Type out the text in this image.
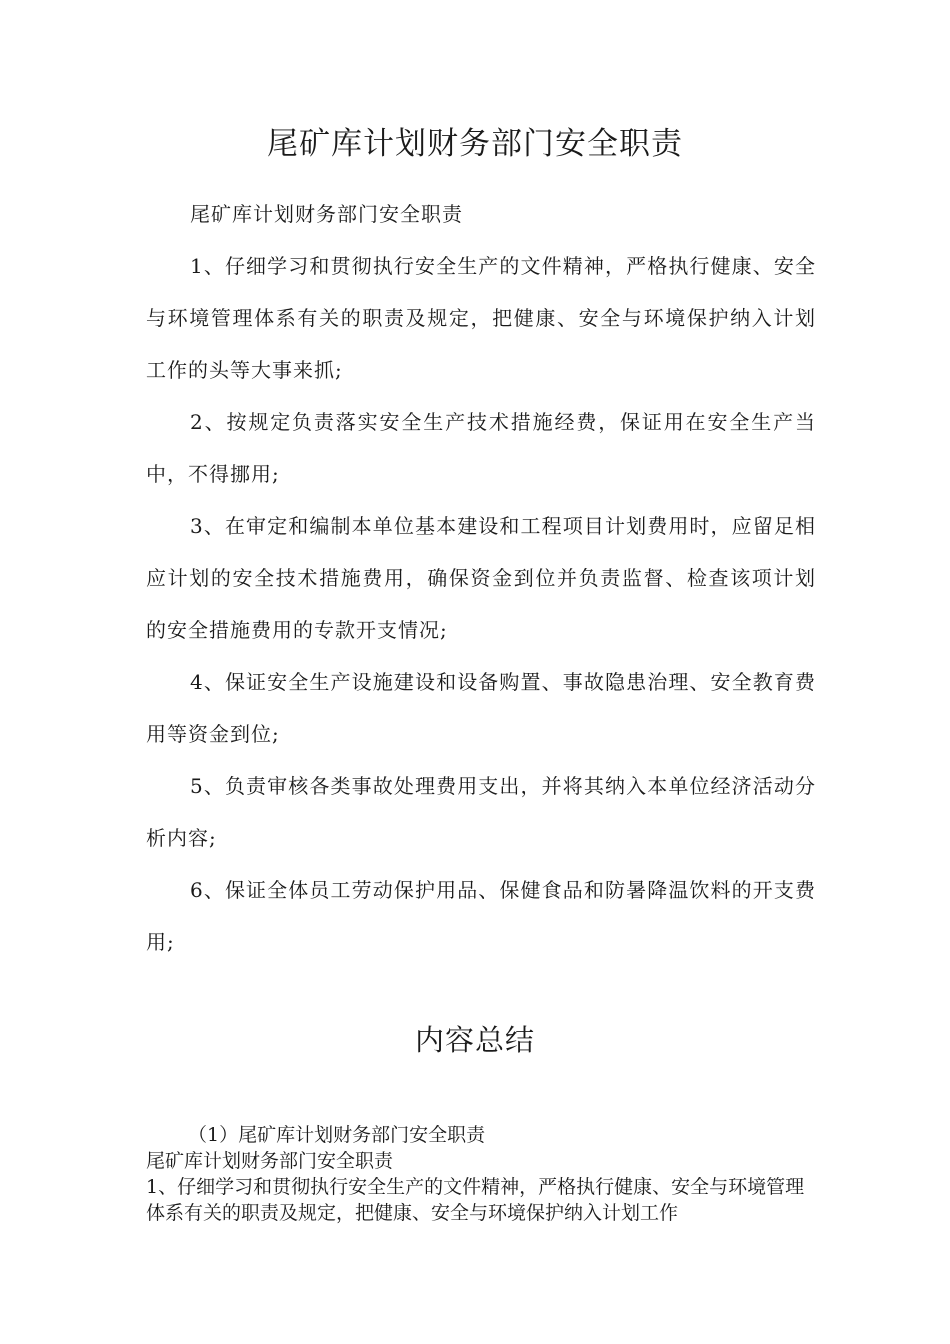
尾矿库计划财务部门安全职责

尾矿库计划财务部门安全职责

1、仔细学习和贯彻执行安全生产的文件精神，严格执行健康、安全与环境管理体系有关的职责及规定，把健康、安全与环境保护纳入计划工作的头等大事来抓;

2、按规定负责落实安全生产技术措施经费，保证用在安全生产当中，不得挪用;

3、在审定和编制本单位基本建设和工程项目计划费用时，应留足相应计划的安全技术措施费用，确保资金到位并负责监督、检查该项计划的安全措施费用的专款开支情况;

4、保证安全生产设施建设和设备购置、事故隐患治理、安全教育费用等资金到位;

5、负责审核各类事故处理费用支出，并将其纳入本单位经济活动分析内容;

6、保证全体员工劳动保护用品、保健食品和防暑降温饮料的开支费用;

内容总结
（1）尾矿库计划财务部门安全职责
尾矿库计划财务部门安全职责
1、仔细学习和贯彻执行安全生产的文件精神，严格执行健康、安全与环境管理体系有关的职责及规定，把健康、安全与环境保护纳入计划工作
